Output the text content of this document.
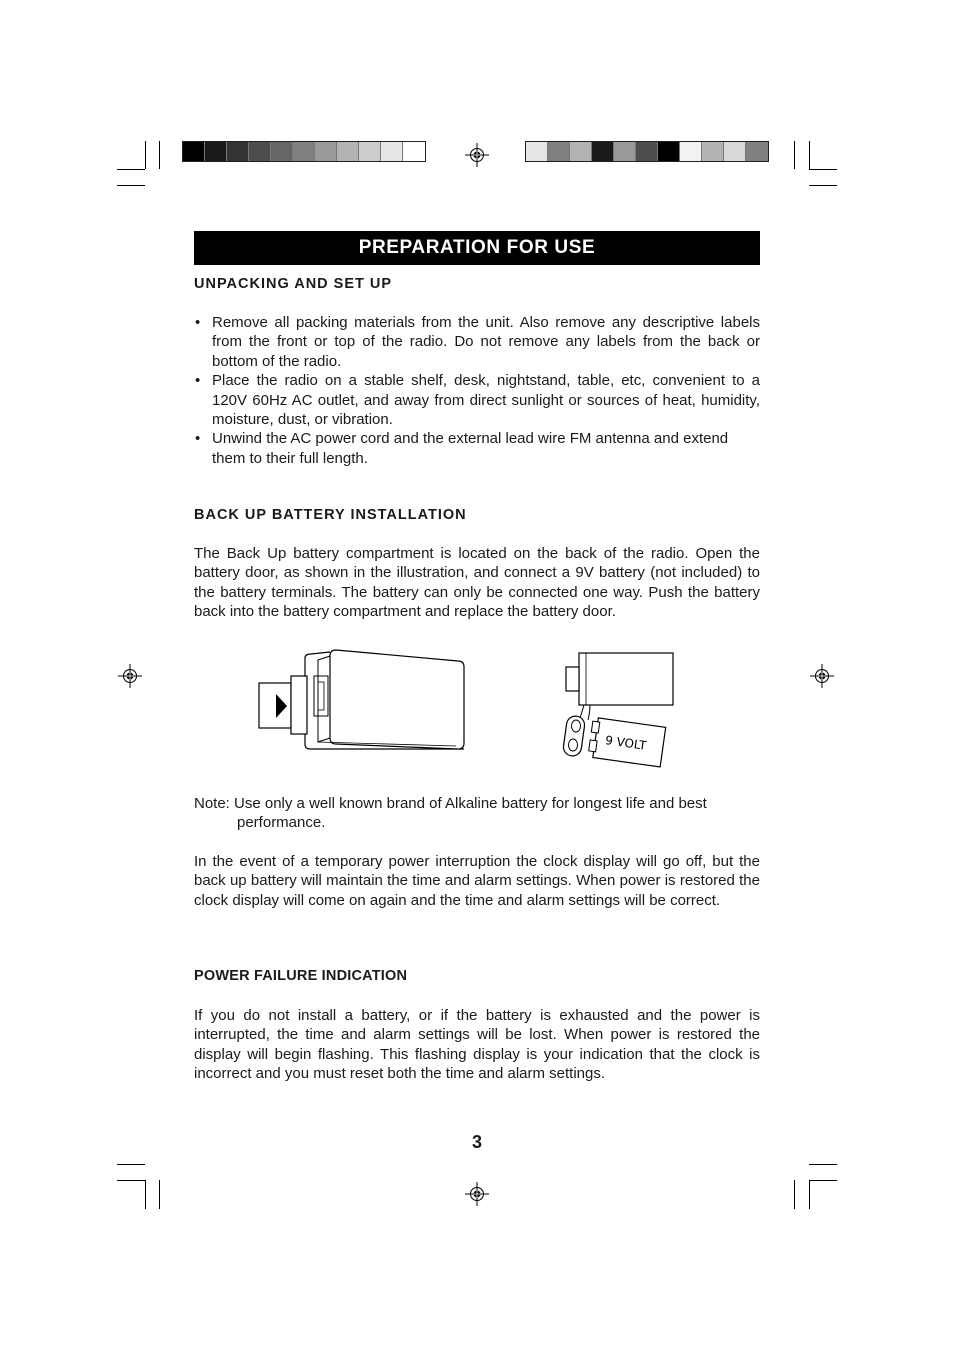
PREPARATION FOR USE
UNPACKING AND SET UP
• Remove all packing materials from the unit. Also remove any descriptive labels from the front or top of the radio. Do not remove any labels from the back or bottom of the radio.
• Place the radio on a stable shelf, desk, nightstand, table, etc, convenient to a 120V 60Hz AC outlet, and away from direct sunlight or sources of heat, humidity, moisture, dust, or vibration.
• Unwind the AC power cord and the external lead wire FM antenna and extend them to their full length.
BACK UP BATTERY INSTALLATION

The Back Up battery compartment is located on the back of the radio. Open the battery door, as shown in the illustration, and connect a 9V battery (not included) to the battery terminals. The battery can only be connected one way. Push the battery back into the battery compartment and replace the battery door.

9 VOLT
Note: Use only a well known brand of Alkaline battery for longest life and best
performance.

In the event of a temporary power interruption the clock display will go off, but the back up battery will maintain the time and alarm settings. When power is restored the clock display will come on again and the time and alarm settings will be correct.

POWER FAILURE INDICATION

If you do not install a battery, or if the battery is exhausted and the power is interrupted, the time and alarm settings will be lost. When power is restored the display will begin flashing. This flashing display is your indication that the clock is incorrect and you must reset both the time and alarm settings.

3
